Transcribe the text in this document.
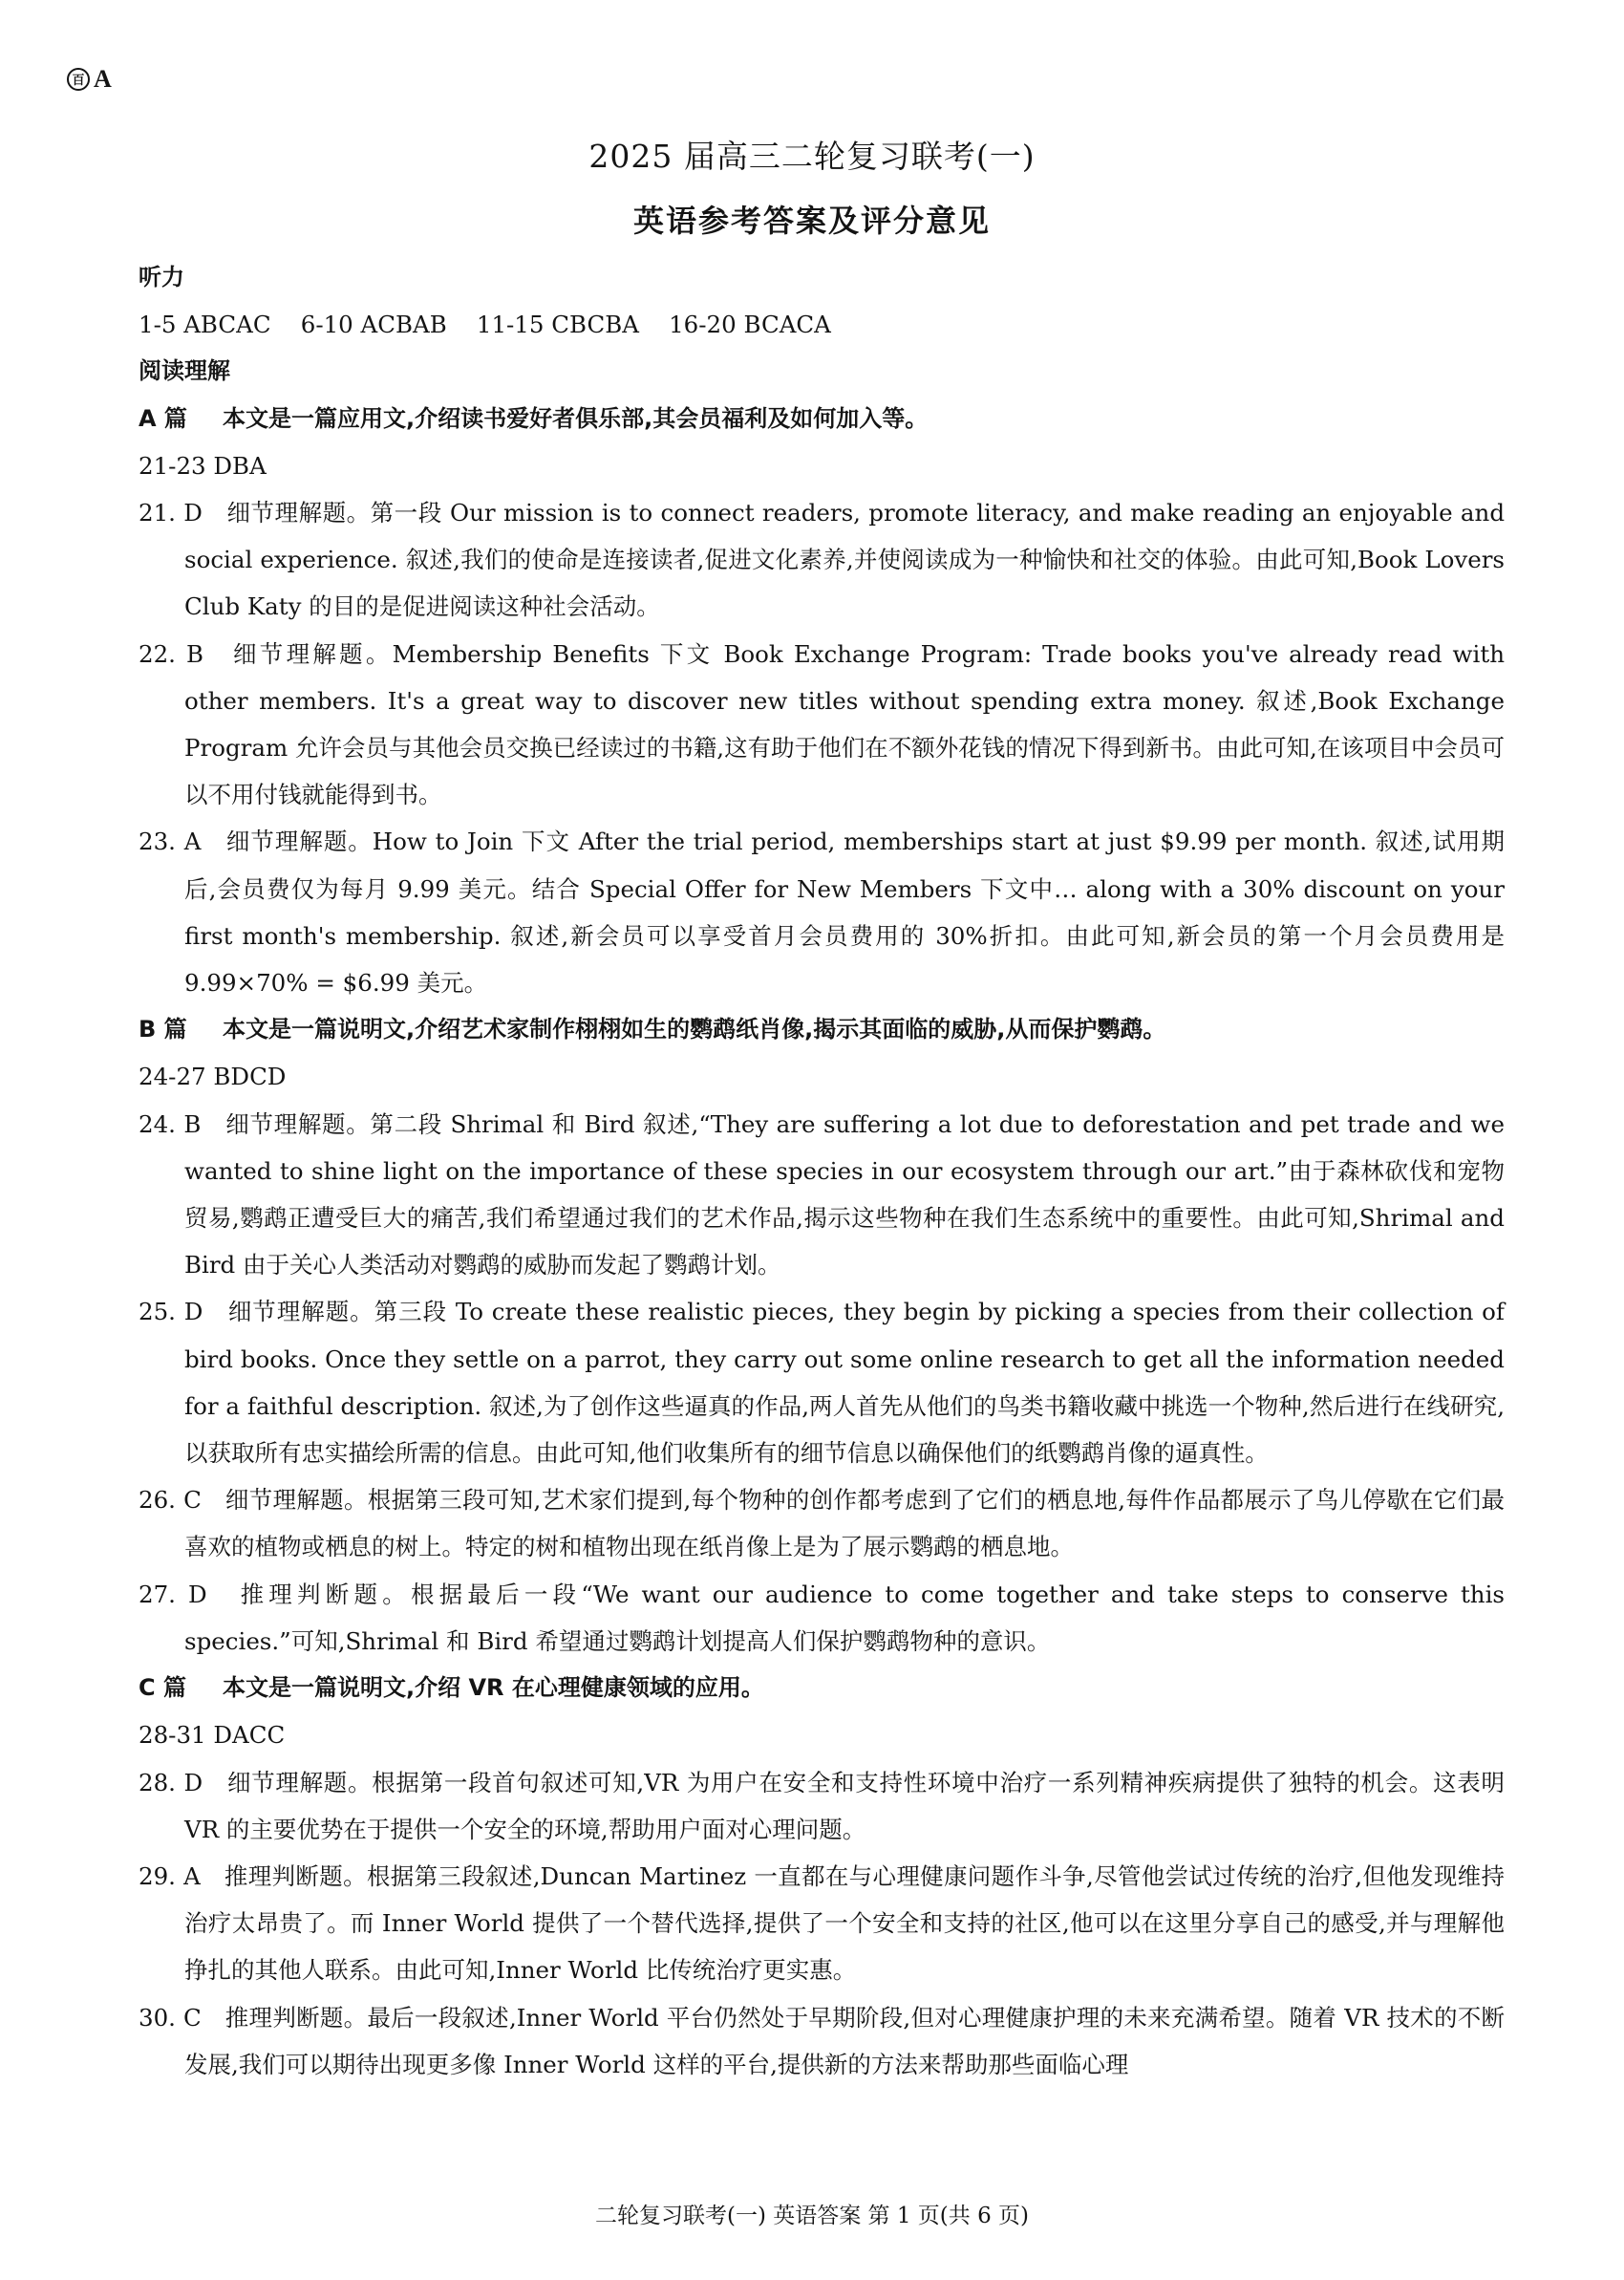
百 A
2025 届高三二轮复习联考(一)
英语参考答案及评分意见
听力
1-5 ABCAC    6-10 ACBAB    11-15 CBCBA    16-20 BCACA
阅读理解
A 篇 本文是一篇应用文,介绍读书爱好者俱乐部,其会员福利及如何加入等。
21-23 DBA
21. D　细节理解题。第一段 Our mission is to connect readers, promote literacy, and make reading an enjoyable and social experience. 叙述,我们的使命是连接读者,促进文化素养,并使阅读成为一种愉快和社交的体验。由此可知,Book Lovers Club Katy 的目的是促进阅读这种社会活动。
22. B　细节理解题。Membership Benefits 下文 Book Exchange Program: Trade books you've already read with other members. It's a great way to discover new titles without spending extra money. 叙述,Book Exchange Program 允许会员与其他会员交换已经读过的书籍,这有助于他们在不额外花钱的情况下得到新书。由此可知,在该项目中会员可以不用付钱就能得到书。
23. A　细节理解题。How to Join 下文 After the trial period, memberships start at just $9.99 per month. 叙述,试用期后,会员费仅为每月 9.99 美元。结合 Special Offer for New Members 下文中… along with a 30% discount on your first month's membership. 叙述,新会员可以享受首月会员费用的 30%折扣。由此可知,新会员的第一个月会员费用是 9.99×70% = $6.99 美元。
B 篇 本文是一篇说明文,介绍艺术家制作栩栩如生的鹦鹉纸肖像,揭示其面临的威胁,从而保护鹦鹉。
24-27 BDCD
24. B　细节理解题。第二段 Shrimal 和 Bird 叙述,“They are suffering a lot due to deforestation and pet trade and we wanted to shine light on the importance of these species in our ecosystem through our art.”由于森林砍伐和宠物贸易,鹦鹉正遭受巨大的痛苦,我们希望通过我们的艺术作品,揭示这些物种在我们生态系统中的重要性。由此可知,Shrimal and Bird 由于关心人类活动对鹦鹉的威胁而发起了鹦鹉计划。
25. D　细节理解题。第三段 To create these realistic pieces, they begin by picking a species from their collection of bird books. Once they settle on a parrot, they carry out some online research to get all the information needed for a faithful description. 叙述,为了创作这些逼真的作品,两人首先从他们的鸟类书籍收藏中挑选一个物种,然后进行在线研究,以获取所有忠实描绘所需的信息。由此可知,他们收集所有的细节信息以确保他们的纸鹦鹉肖像的逼真性。
26. C　细节理解题。根据第三段可知,艺术家们提到,每个物种的创作都考虑到了它们的栖息地,每件作品都展示了鸟儿停歇在它们最喜欢的植物或栖息的树上。特定的树和植物出现在纸肖像上是为了展示鹦鹉的栖息地。
27. D　推理判断题。根据最后一段“We want our audience to come together and take steps to conserve this species.”可知,Shrimal 和 Bird 希望通过鹦鹉计划提高人们保护鹦鹉物种的意识。
C 篇 本文是一篇说明文,介绍 VR 在心理健康领域的应用。
28-31 DACC
28. D　细节理解题。根据第一段首句叙述可知,VR 为用户在安全和支持性环境中治疗一系列精神疾病提供了独特的机会。这表明 VR 的主要优势在于提供一个安全的环境,帮助用户面对心理问题。
29. A　推理判断题。根据第三段叙述,Duncan Martinez 一直都在与心理健康问题作斗争,尽管他尝试过传统的治疗,但他发现维持治疗太昂贵了。而 Inner World 提供了一个替代选择,提供了一个安全和支持的社区,他可以在这里分享自己的感受,并与理解他挣扎的其他人联系。由此可知,Inner World 比传统治疗更实惠。
30. C　推理判断题。最后一段叙述,Inner World 平台仍然处于早期阶段,但对心理健康护理的未来充满希望。随着 VR 技术的不断发展,我们可以期待出现更多像 Inner World 这样的平台,提供新的方法来帮助那些面临心理
二轮复习联考(一) 英语答案 第 1 页(共 6 页)
